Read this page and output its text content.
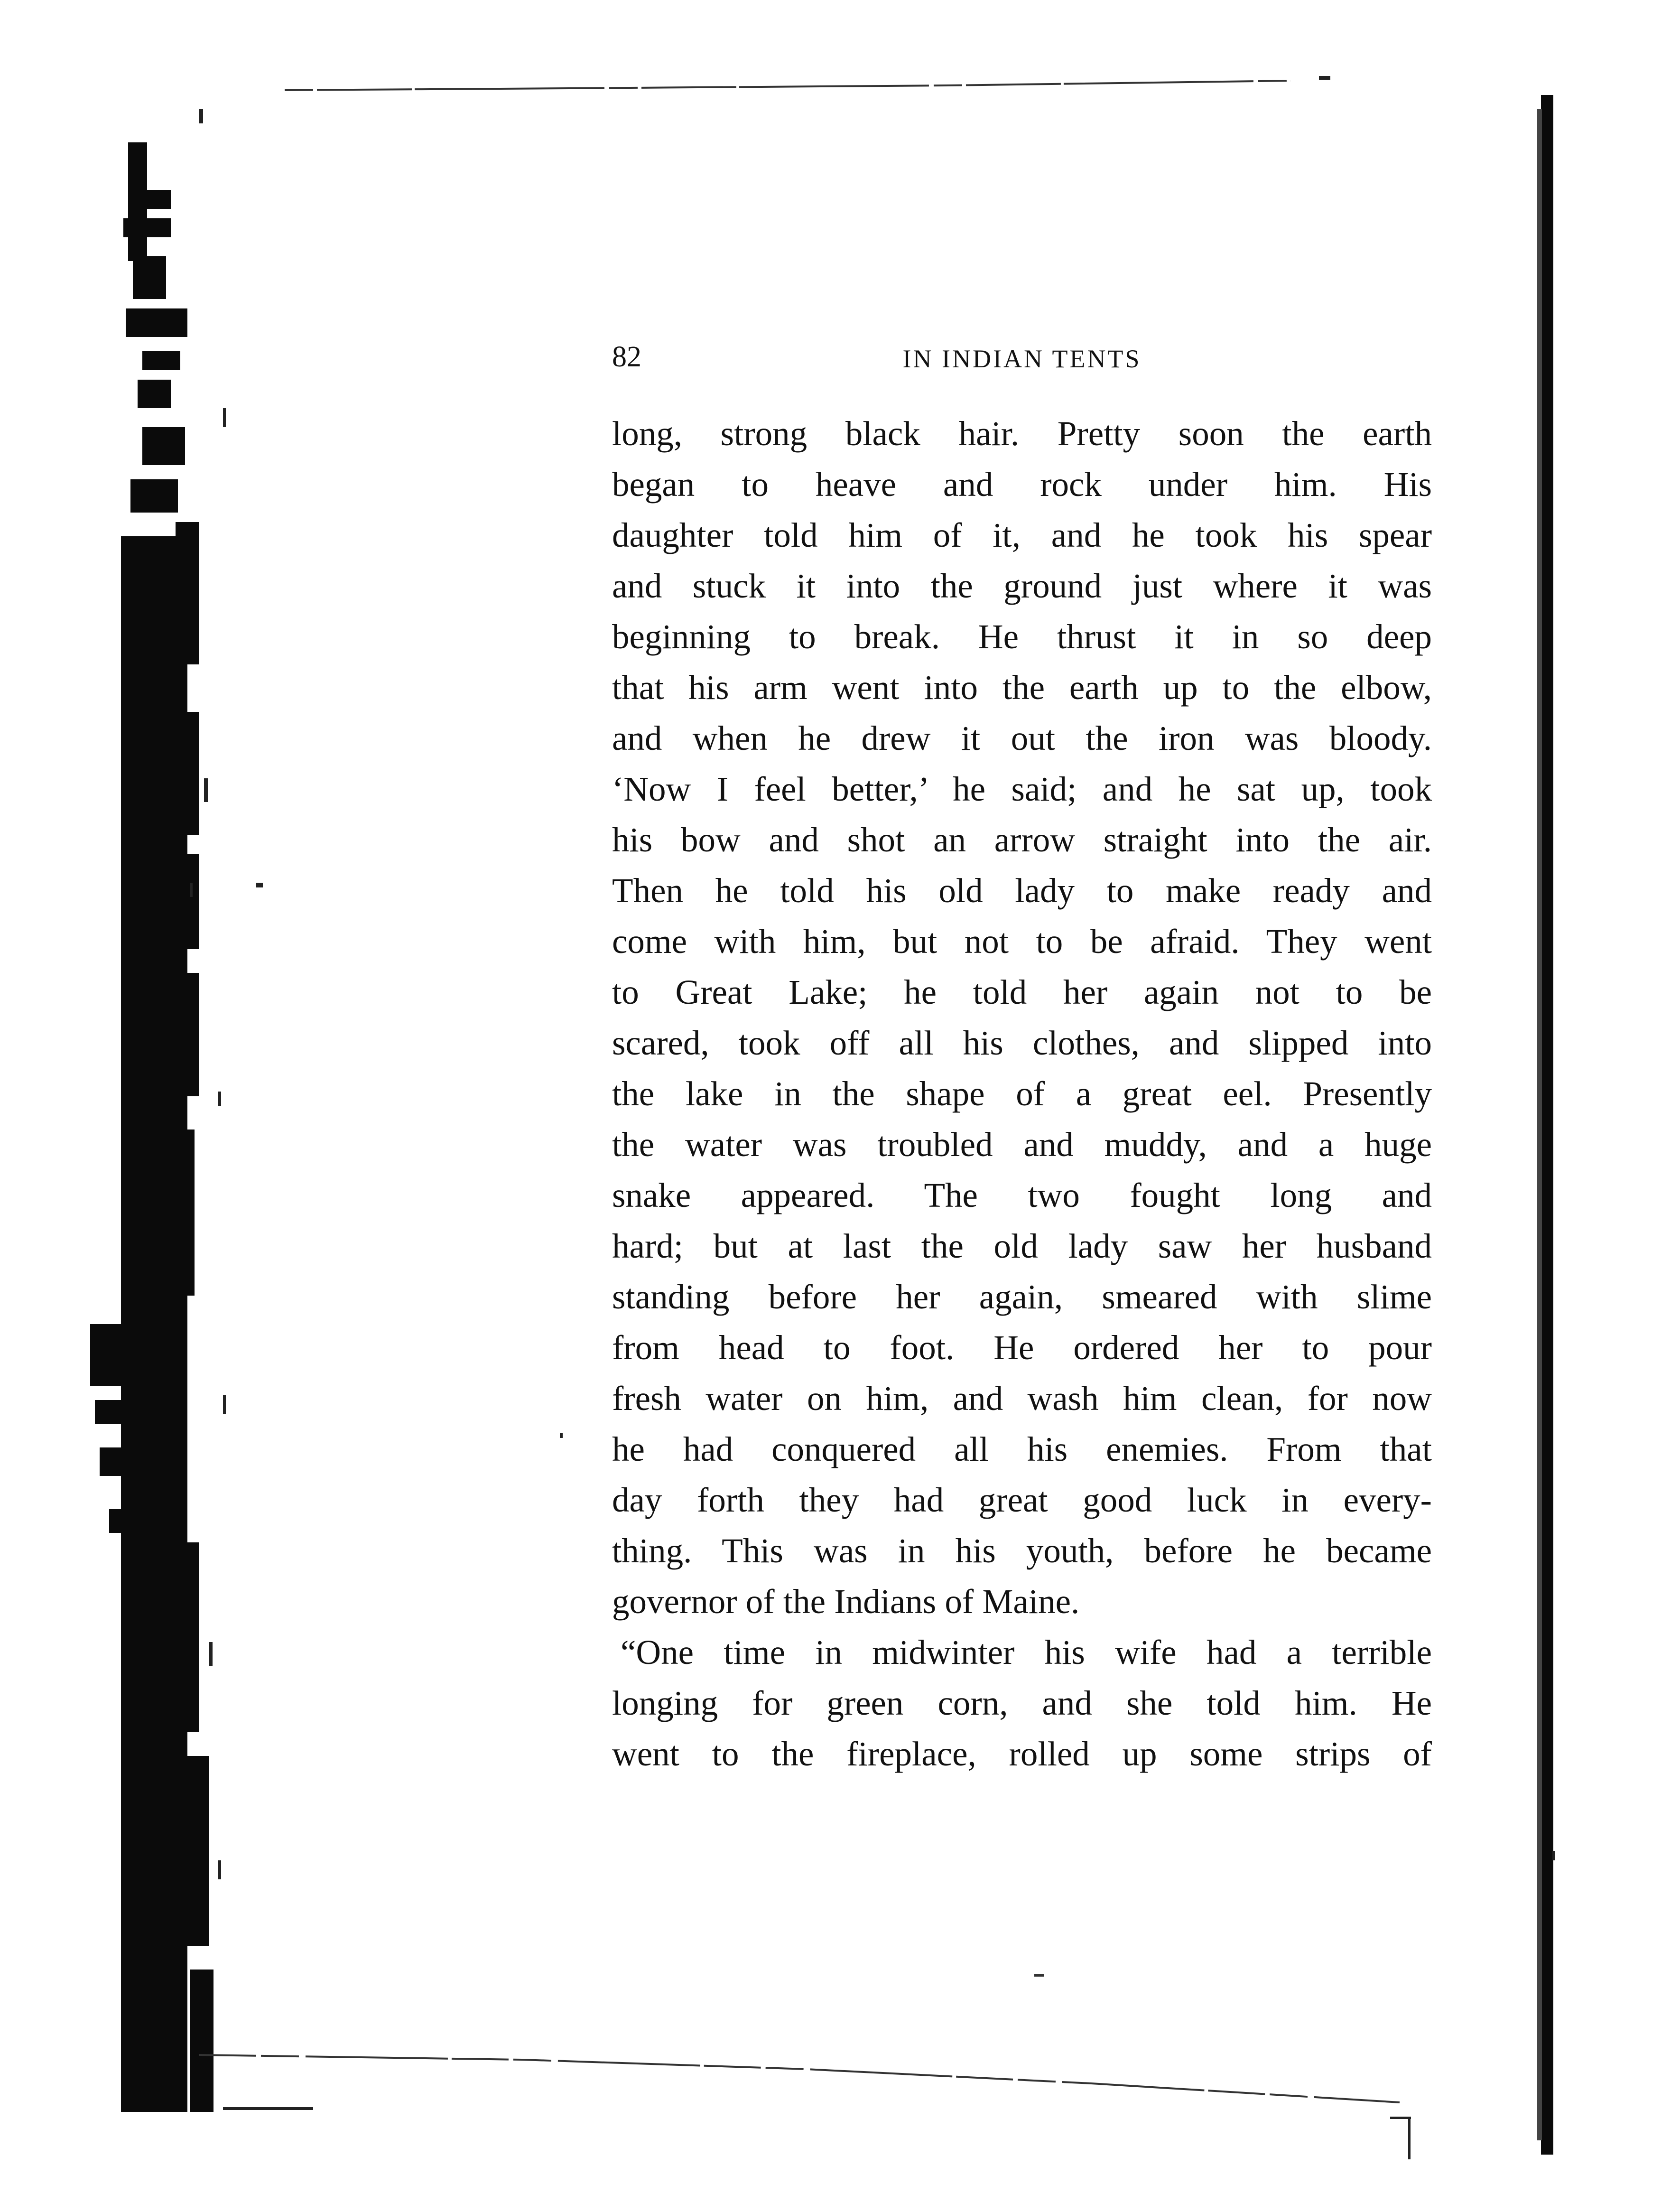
82	IN INDIAN TENTS
long, strong black hair. Pretty soon the earth
began to heave and rock under him. His
daughter told him of it, and he took his spear
and stuck it into the ground just where it was
beginning to break. He thrust it in so deep
that his arm went into the earth up to the elbow,
and when he drew it out the iron was bloody.
‘Now I feel better,’ he said; and he sat up, took
his bow and shot an arrow straight into the air.
Then he told his old lady to make ready and
come with him, but not to be afraid. They went
to Great Lake; he told her again not to be
scared, took off all his clothes, and slipped into
the lake in the shape of a great eel. Presently
the water was troubled and muddy, and a huge
snake appeared. The two fought long and
hard; but at last the old lady saw her husband
standing before her again, smeared with slime
from head to foot. He ordered her to pour
fresh water on him, and wash him clean, for now
he had conquered all his enemies. From that
day forth they had great good luck in every-
thing. This was in his youth, before he became
governor of the Indians of Maine.
“One time in midwinter his wife had a terrible
longing for green corn, and she told him. He
went to the fireplace, rolled up some strips of
